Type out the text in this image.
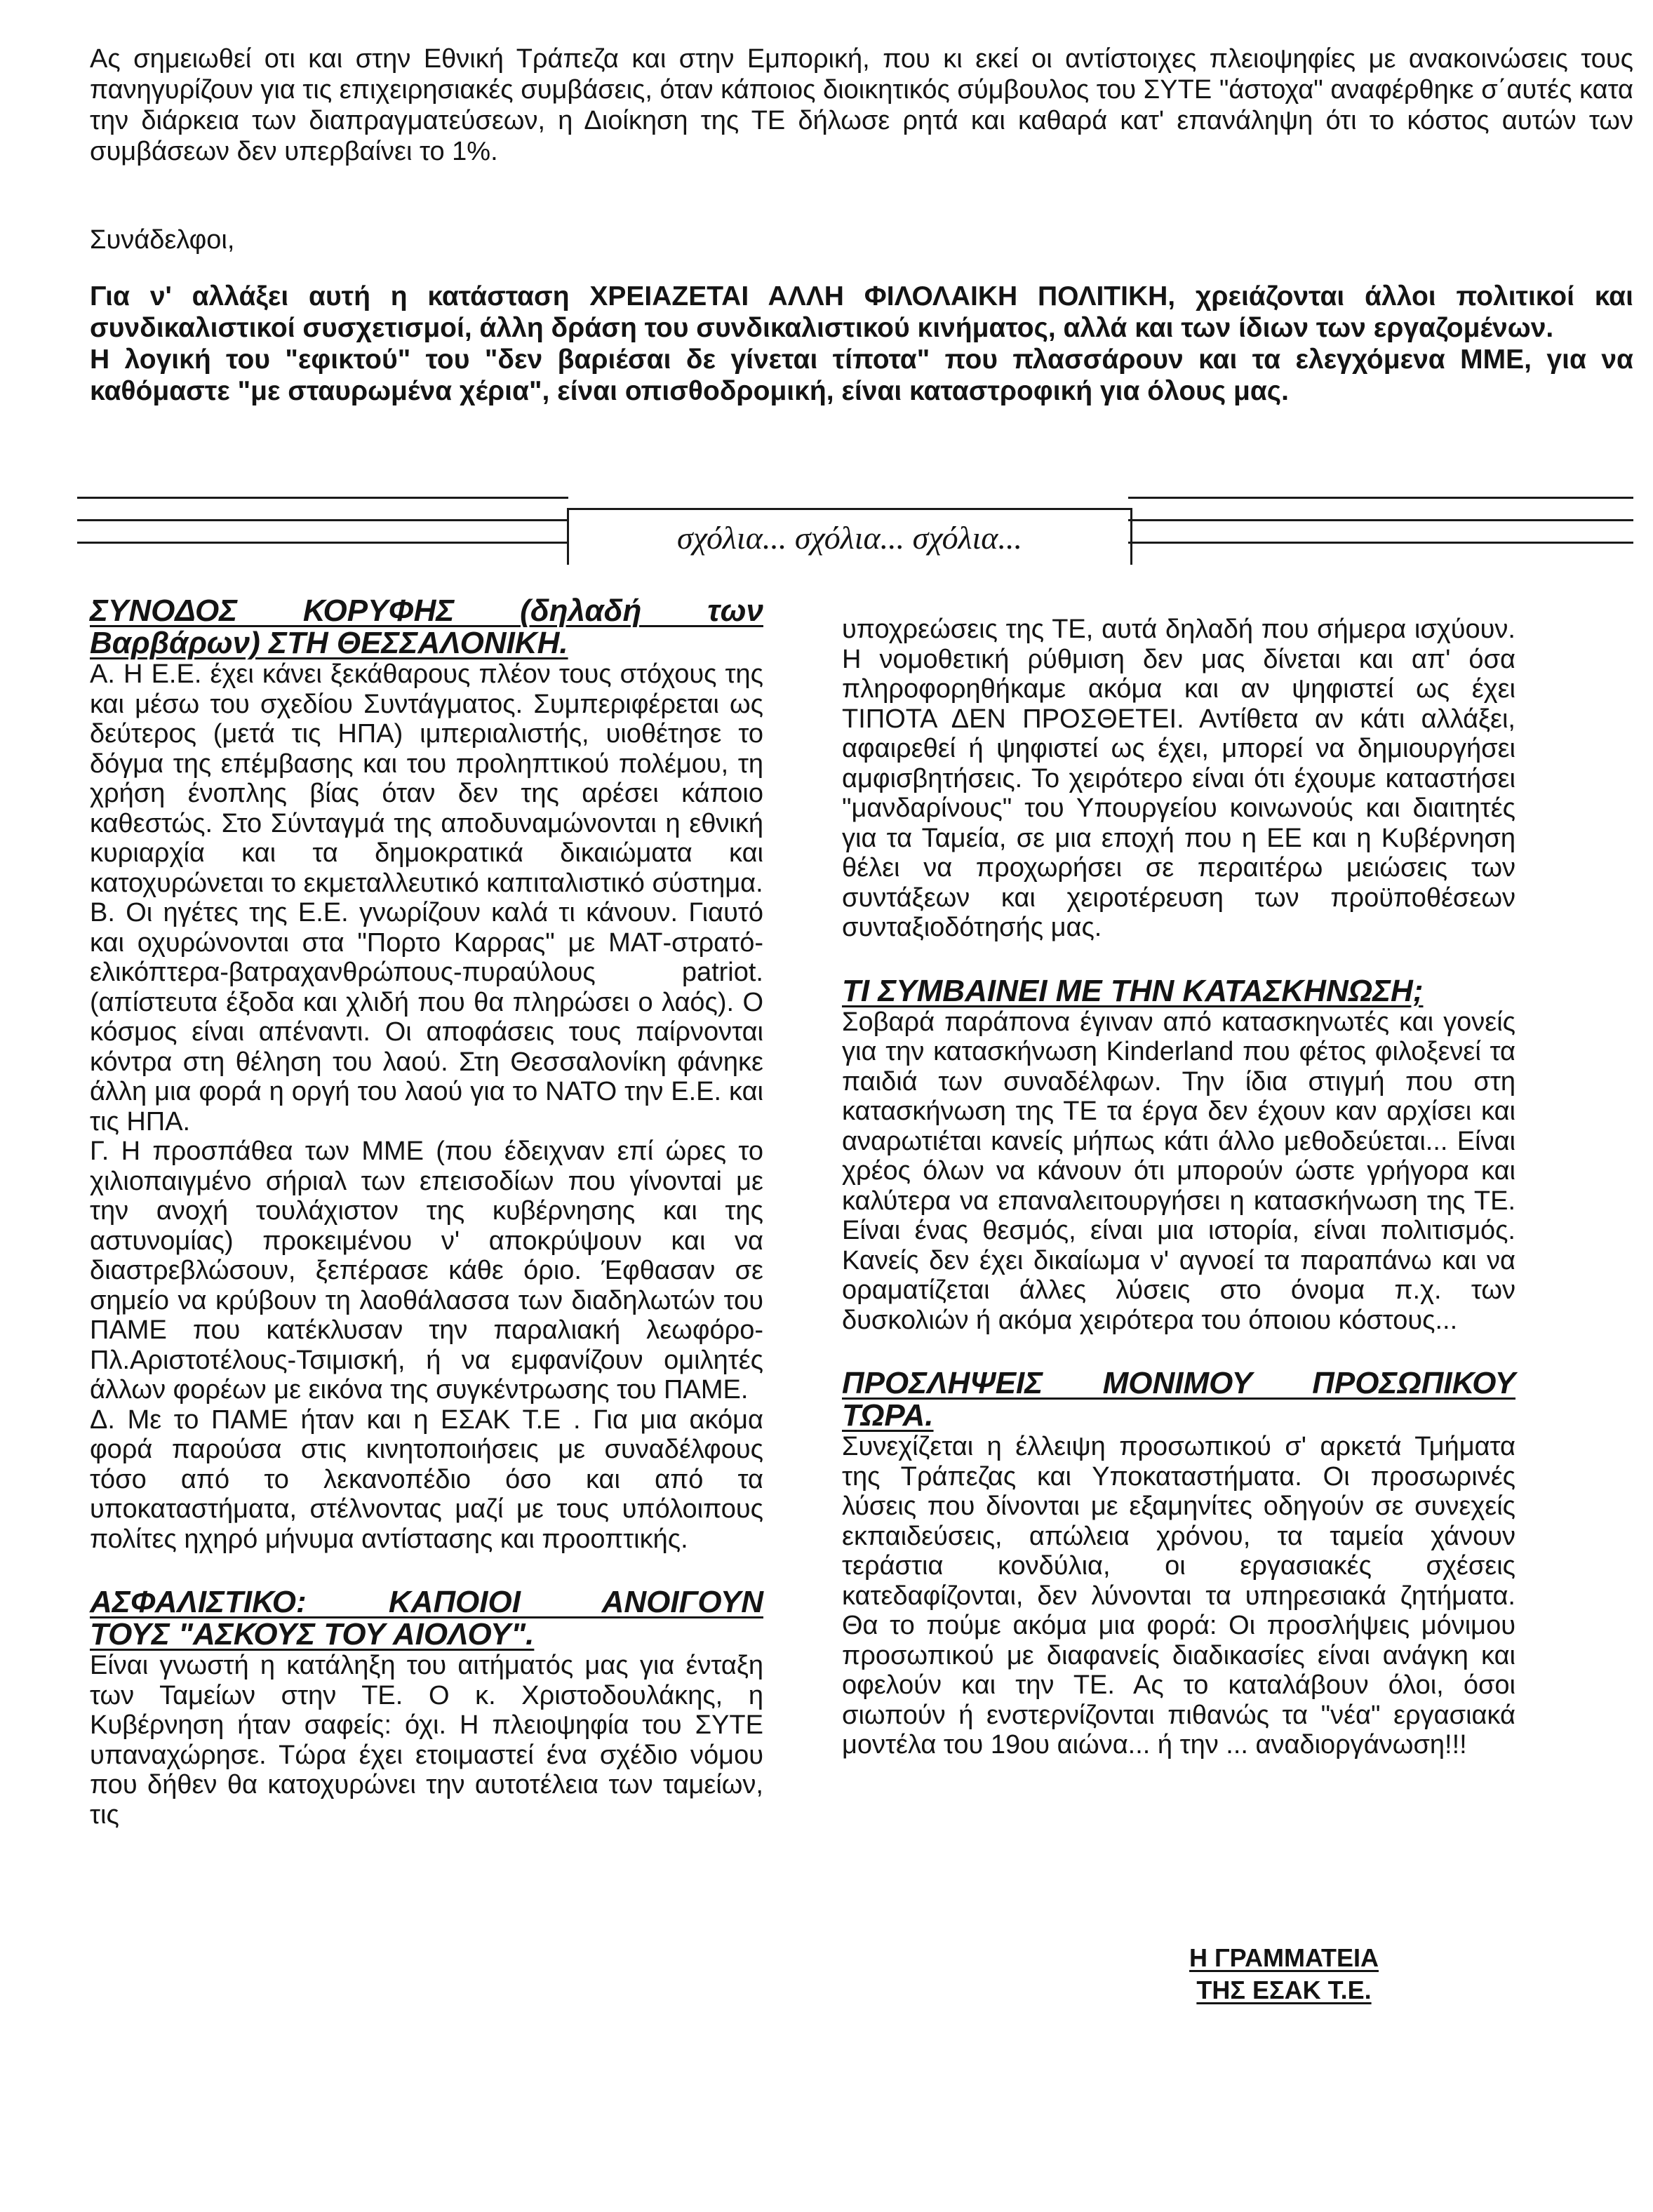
Ας σημειωθεί οτι και στην Εθνική Τράπεζα και στην Εμπορική, που κι εκεί οι αντίστοιχες πλειοψηφίες με ανακοινώσεις τους πανηγυρίζουν για τις επιχειρησιακές συμβάσεις, όταν κάποιος διοικητικός σύμβουλος του ΣΥΤΕ "άστοχα" αναφέρθηκε σ΄αυτές κατα την διάρκεια των διαπραγματεύσεων, η Διοίκηση της ΤΕ δήλωσε ρητά και καθαρά κατ' επανάληψη ότι το κόστος αυτών των συμβάσεων δεν υπερβαίνει το 1%.

Συνάδελφοι,

Για ν' αλλάξει αυτή η κατάσταση ΧΡΕΙΑΖΕΤΑΙ ΑΛΛΗ ΦΙΛΟΛΑΙΚΗ ΠΟΛΙΤΙΚΗ, χρειάζονται άλλοι πολιτικοί και συνδικαλιστικοί συσχετισμοί, άλλη δράση του συνδικαλιστικού κινήματος, αλλά και των ίδιων των εργαζομένων.

Η λογική του "εφικτού" του "δεν βαριέσαι δε γίνεται τίποτα" που πλασσάρουν και τα ελεγχόμενα ΜΜΕ, για να καθόμαστε "με σταυρωμένα χέρια", είναι οπισθοδρομική, είναι καταστροφική για όλους μας.

σχόλια... σχόλια... σχόλια...
ΣΥΝΟΔΟΣ ΚΟΡΥΦΗΣ (δηλαδή των
Βαρβάρων) ΣΤΗ ΘΕΣΣΑΛΟΝΙΚΗ.

Α. Η Ε.Ε. έχει κάνει ξεκάθαρους πλέον τους στόχους της και μέσω του σχεδίου Συντάγματος. Συμπεριφέρεται ως δεύτερος (μετά τις ΗΠΑ) ιμπεριαλιστής, υιοθέτησε το δόγμα της επέμβασης και του προληπτικού πολέμου, τη χρήση ένοπλης βίας όταν δεν της αρέσει κάποιο καθεστώς. Στο Σύνταγμά της αποδυναμώνονται η εθνική κυριαρχία και τα δημοκρατικά δικαιώματα και κατοχυρώνεται το εκμεταλλευτικό καπιταλιστικό σύστημα.

Β. Οι ηγέτες της Ε.Ε. γνωρίζουν καλά τι κάνουν. Γιαυτό και οχυρώνονται στα "Πορτο Καρρας" με ΜΑΤ-στρατό-ελικόπτερα-βατραχανθρώπους-πυραύλους patriot. (απίστευτα έξοδα και χλιδή που θα πληρώσει ο λαός). Ο κόσμος είναι απέναντι. Οι αποφάσεις τους παίρνονται κόντρα στη θέληση του λαού. Στη Θεσσαλονίκη φάνηκε άλλη μια φορά η οργή του λαού για το ΝΑΤΟ την Ε.Ε. και τις ΗΠΑ.

Γ. Η προσπάθεα των ΜΜΕ (που έδειχναν επί ώρες το χιλιοπαιγμένο σήριαλ των επεισοδίων που γίνονταi με την ανοχή τουλάχιστον της κυβέρνησης και της αστυνομίας) προκειμένου ν' αποκρύψουν και να διαστρεβλώσουν, ξεπέρασε κάθε όριο. Έφθασαν σε σημείο να κρύβουν τη λαοθάλασσα των διαδηλωτών του ΠΑΜΕ που κατέκλυσαν την παραλιακή λεωφόρο-Πλ.Αριστοτέλους-Τσιμισκή, ή να εμφανίζουν ομιλητές άλλων φορέων με εικόνα της συγκέντρωσης του ΠΑΜΕ.

Δ. Με το ΠΑΜΕ ήταν και η ΕΣΑΚ Τ.Ε . Για μια ακόμα φορά παρούσα στις κινητοποιήσεις με συναδέλφους τόσο από το λεκανοπέδιο όσο και από τα υποκαταστήματα, στέλνοντας μαζί με τους υπόλοιπους πολίτες ηχηρό μήνυμα αντίστασης και προοπτικής.

ΑΣΦΑΛΙΣΤΙΚΟ: ΚΑΠΟΙΟΙ ΑΝΟΙΓΟΥΝ
ΤΟΥΣ "ΑΣΚΟΥΣ ΤΟΥ ΑΙΟΛΟΥ".

Είναι γνωστή η κατάληξη του αιτήματός μας για ένταξη των Ταμείων στην ΤΕ. Ο κ. Χριστοδουλάκης, η Κυβέρνηση ήταν σαφείς: όχι. Η πλειοψηφία του ΣΥΤΕ υπαναχώρησε. Τώρα έχει ετοιμαστεί ένα σχέδιο νόμου που δήθεν θα κατοχυρώνει την αυτοτέλεια των ταμείων, τις

υποχρεώσεις της ΤΕ, αυτά δηλαδή που σήμερα ισχύουν. Η νομοθετική ρύθμιση δεν μας δίνεται και απ' όσα πληροφορηθήκαμε ακόμα και αν ψηφιστεί ως έχει ΤΙΠΟΤΑ ΔΕΝ ΠΡΟΣΘΕΤΕΙ. Αντίθετα αν κάτι αλλάξει, αφαιρεθεί ή ψηφιστεί ως έχει, μπορεί να δημιουργήσει αμφισβητήσεις. Το χειρότερο είναι ότι έχουμε καταστήσει "μανδαρίνους" του Υπουργείου κοινωνούς και διαιτητές για τα Ταμεία, σε μια εποχή που η ΕΕ και η Κυβέρνηση θέλει να προχωρήσει σε περαιτέρω μειώσεις των συντάξεων και χειροτέρευση των προϋποθέσεων συνταξιοδότησής μας.

ΤΙ ΣΥΜΒΑΙΝΕΙ ΜΕ ΤΗΝ ΚΑΤΑΣΚΗΝΩΣΗ;

Σοβαρά παράπονα έγιναν από κατασκηνωτές και γονείς για την κατασκήνωση Kinderland που φέτος φιλοξενεί τα παιδιά των συναδέλφων. Την ίδια στιγμή που στη κατασκήνωση της ΤΕ τα έργα δεν έχουν καν αρχίσει και αναρωτιέται κανείς μήπως κάτι άλλο μεθοδεύεται... Είναι χρέος όλων να κάνουν ότι μπορούν ώστε γρήγορα και καλύτερα να επαναλειτουργήσει η κατασκήνωση της ΤΕ. Είναι ένας θεσμός, είναι μια ιστορία, είναι πολιτισμός. Κανείς δεν έχει δικαίωμα ν' αγνοεί τα παραπάνω και να οραματίζεται άλλες λύσεις στο όνομα π.χ. των δυσκολιών ή ακόμα χειρότερα του όποιου κόστους...

ΠΡΟΣΛΗΨΕΙΣ ΜΟΝΙΜΟΥ ΠΡΟΣΩΠΙΚΟΥ
ΤΩΡΑ.

Συνεχίζεται η έλλειψη προσωπικού σ' αρκετά Τμήματα της Τράπεζας και Υποκαταστήματα. Οι προσωρινές λύσεις που δίνονται με εξαμηνίτες οδηγούν σε συνεχείς εκπαιδεύσεις, απώλεια χρόνου, τα ταμεία χάνουν τεράστια κονδύλια, οι εργασιακές σχέσεις κατεδαφίζονται, δεν λύνονται τα υπηρεσιακά ζητήματα. Θα το πούμε ακόμα μια φορά: Οι προσλήψεις μόνιμου προσωπικού με διαφανείς διαδικασίες είναι ανάγκη και οφελούν και την ΤΕ. Ας το καταλάβουν όλοι, όσοι σιωπούν ή ενστερνίζονται πιθανώς τα "νέα" εργασιακά μοντέλα του 19ου αιώνα... ή την ... αναδιοργάνωση!!!

Η ΓΡΑΜΜΑΤΕΙΑ
ΤΗΣ ΕΣΑΚ Τ.Ε.
